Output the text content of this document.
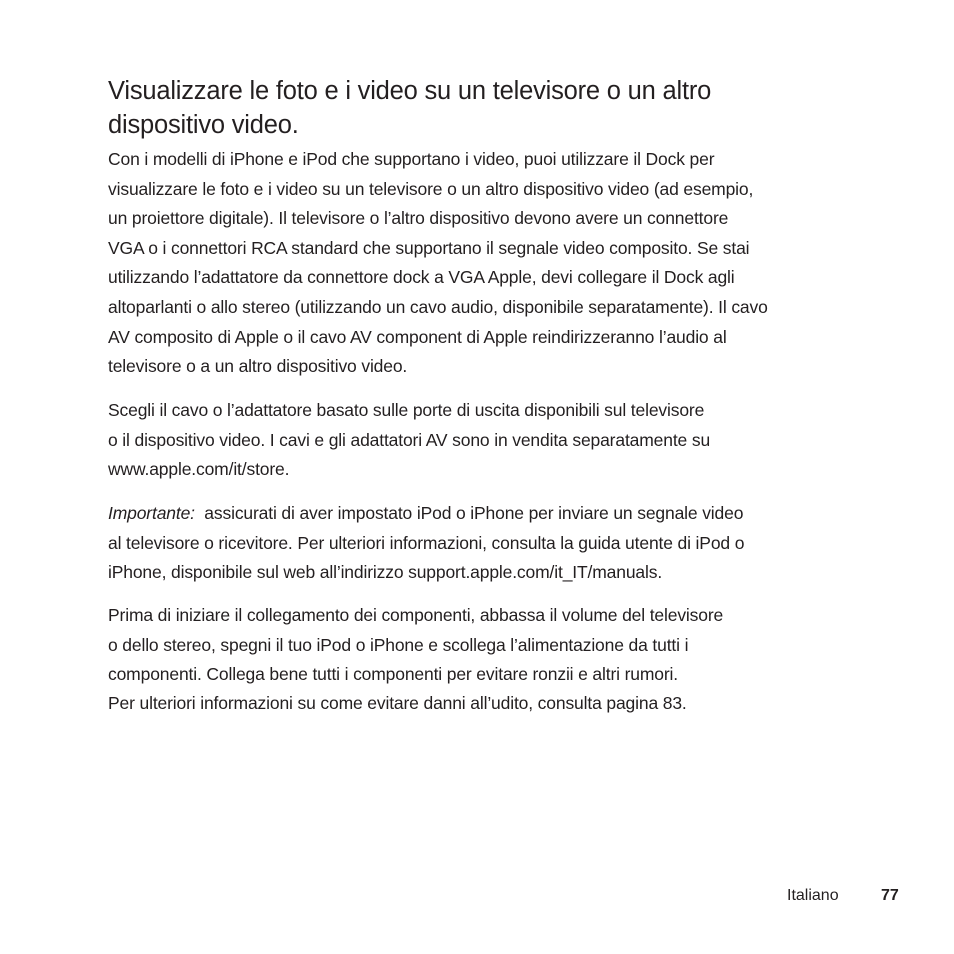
Visualizzare le foto e i video su un televisore o un altro
dispositivo video.
Con i modelli di iPhone e iPod che supportano i video, puoi utilizzare il Dock per
visualizzare le foto e i video su un televisore o un altro dispositivo video (ad esempio,
un proiettore digitale). Il televisore o l’altro dispositivo devono avere un connettore
VGA o i connettori RCA standard che supportano il segnale video composito. Se stai
utilizzando l’adattatore da connettore dock a VGA Apple, devi collegare il Dock agli
altoparlanti o allo stereo (utilizzando un cavo audio, disponibile separatamente). Il cavo
AV composito di Apple o il cavo AV component di Apple reindirizzeranno l’audio al
televisore o a un altro dispositivo video.
Scegli il cavo o l’adattatore basato sulle porte di uscita disponibili sul televisore
o il dispositivo video. I cavi e gli adattatori AV sono in vendita separatamente su
www.apple.com/it/store.
Importante:  assicurati di aver impostato iPod o iPhone per inviare un segnale video
al televisore o ricevitore. Per ulteriori informazioni, consulta la guida utente di iPod o
iPhone, disponibile sul web all’indirizzo support.apple.com/it_IT/manuals.
Prima di iniziare il collegamento dei componenti, abbassa il volume del televisore
o dello stereo, spegni il tuo iPod o iPhone e scollega l’alimentazione da tutti i
componenti. Collega bene tutti i componenti per evitare ronzii e altri rumori.
Per ulteriori informazioni su come evitare danni all’udito, consulta pagina 83.
Italiano	77
